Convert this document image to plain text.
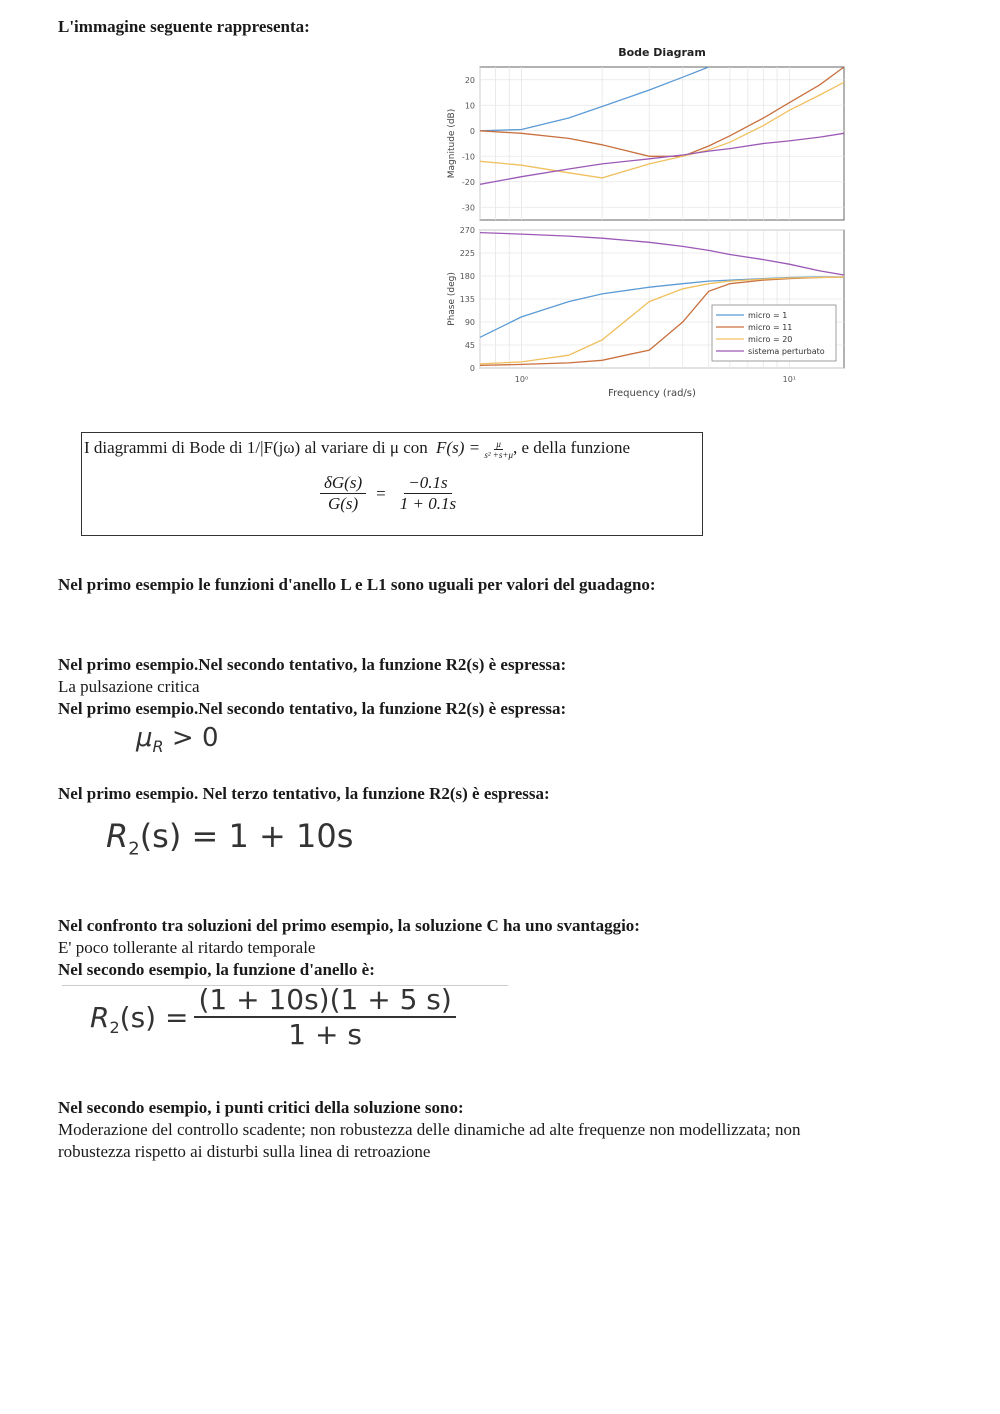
L'immagine seguente rappresenta:
Bode Diagram
20
10
0
-10
-20
-30
Magnitude (dB)
270
225
180
135
90
45
0
Phase (deg)
10⁰	10¹
Frequency (rad/s)
micro = 1
micro = 11
micro = 20
sistema perturbato
I diagrammi di Bode di 1/|F(jω) al variare di μ con $F(s) = \frac{\mu}{\text{s² +s+μ}}$ , e della funzione
$\frac{\delta G(s)}{G(s)} = \frac{-0.1s}{1 + 0.1s}$
Nel primo esempio le funzioni d'anello L e L1 sono uguali per valori del guadagno:
Nel primo esempio.Nel secondo tentativo, la funzione R2(s) è espressa:
La pulsazione critica
Nel primo esempio.Nel secondo tentativo, la funzione R2(s) è espressa:
$\mu_R > 0$
Nel primo esempio. Nel terzo tentativo, la funzione R2(s) è espressa:
$R_2(s) = 1 + 10s$
Nel confronto tra soluzioni del primo esempio, la soluzione C ha uno svantaggio:
E' poco tollerante al ritardo temporale
Nel secondo esempio, la funzione d'anello è:
$R_2$ $(s) = \frac{(1 + 10s)(1 + 5 s)}{1 + s}$
Nel secondo esempio, i punti critici della soluzione sono:
Moderazione del controllo scadente; non robustezza delle dinamiche ad alte frequenze non modellizzata; non
robustezza rispetto ai disturbi sulla linea di retroazione
